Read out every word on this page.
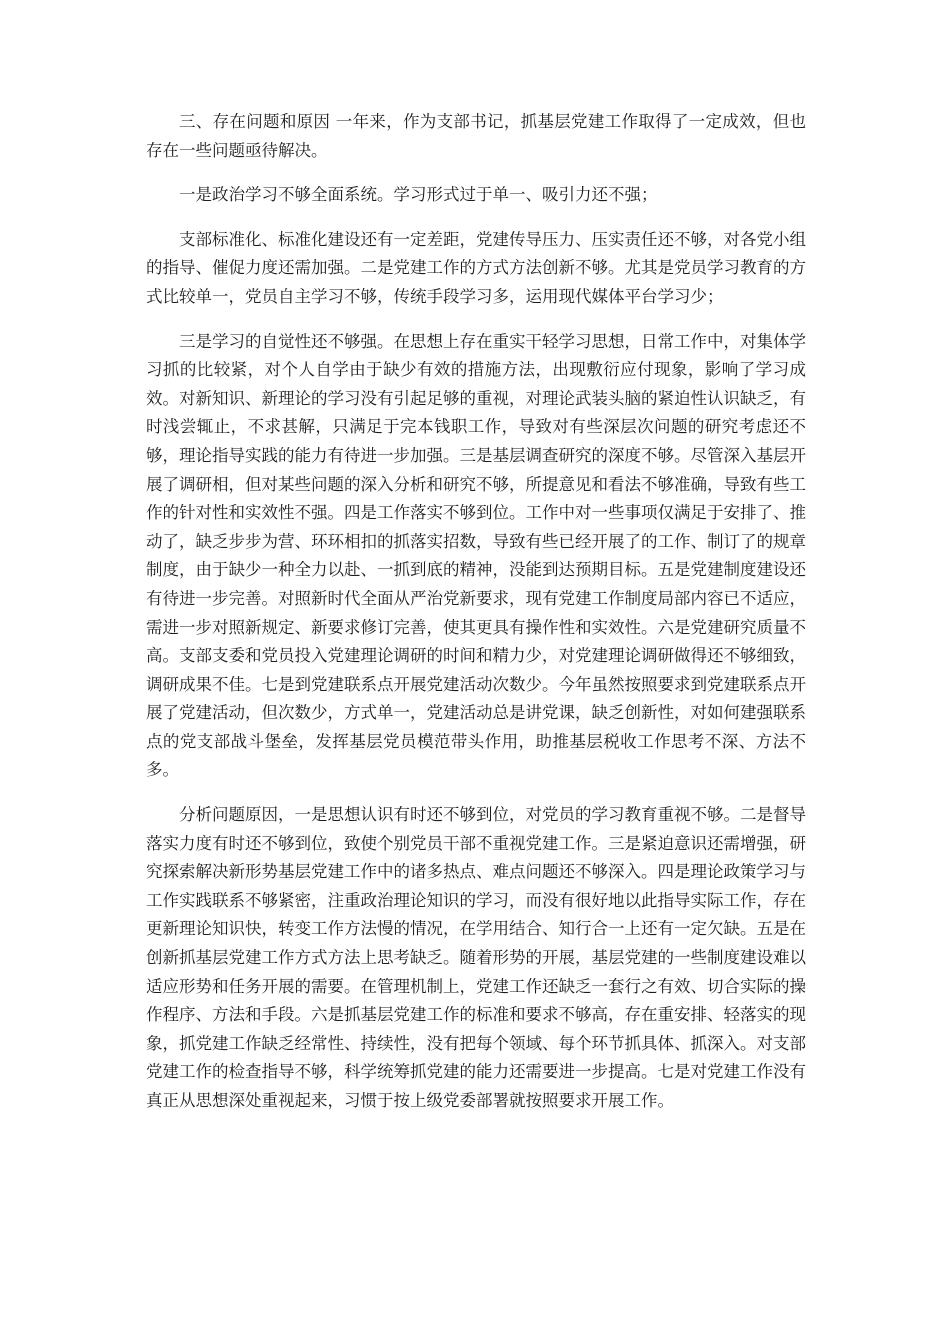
三、存在问题和原因 一年来，作为支部书记，抓基层党建工作取得了一定成效，但也存在一些问题亟待解决。

一是政治学习不够全面系统。学习形式过于单一、吸引力还不强；

支部标准化、标准化建设还有一定差距，党建传导压力、压实责任还不够，对各党小组的指导、催促力度还需加强。二是党建工作的方式方法创新不够。尤其是党员学习教育的方式比较单一，党员自主学习不够，传统手段学习多，运用现代媒体平台学习少；

三是学习的自觉性还不够强。在思想上存在重实干轻学习思想，日常工作中，对集体学习抓的比较紧，对个人自学由于缺少有效的措施方法，出现敷衍应付现象，影响了学习成效。对新知识、新理论的学习没有引起足够的重视，对理论武装头脑的紧迫性认识缺乏，有时浅尝辄止，不求甚解，只满足于完本钱职工作，导致对有些深层次问题的研究考虑还不够，理论指导实践的能力有待进一步加强。三是基层调查研究的深度不够。尽管深入基层开展了调研相，但对某些问题的深入分析和研究不够，所提意见和看法不够准确，导致有些工作的针对性和实效性不强。四是工作落实不够到位。工作中对一些事项仅满足于安排了、推动了，缺乏步步为营、环环相扣的抓落实招数，导致有些已经开展了的工作、制订了的规章制度，由于缺少一种全力以赴、一抓到底的精神，没能到达预期目标。五是党建制度建设还有待进一步完善。对照新时代全面从严治党新要求，现有党建工作制度局部内容已不适应，需进一步对照新规定、新要求修订完善，使其更具有操作性和实效性。六是党建研究质量不高。支部支委和党员投入党建理论调研的时间和精力少，对党建理论调研做得还不够细致，调研成果不佳。七是到党建联系点开展党建活动次数少。今年虽然按照要求到党建联系点开展了党建活动，但次数少，方式单一，党建活动总是讲党课，缺乏创新性，对如何建强联系点的党支部战斗堡垒，发挥基层党员模范带头作用，助推基层税收工作思考不深、方法不多。

分析问题原因，一是思想认识有时还不够到位，对党员的学习教育重视不够。二是督导落实力度有时还不够到位，致使个别党员干部不重视党建工作。三是紧迫意识还需增强，研究探索解决新形势基层党建工作中的诸多热点、难点问题还不够深入。四是理论政策学习与工作实践联系不够紧密，注重政治理论知识的学习，而没有很好地以此指导实际工作，存在更新理论知识快，转变工作方法慢的情况，在学用结合、知行合一上还有一定欠缺。五是在创新抓基层党建工作方式方法上思考缺乏。随着形势的开展，基层党建的一些制度建设难以适应形势和任务开展的需要。在管理机制上，党建工作还缺乏一套行之有效、切合实际的操作程序、方法和手段。六是抓基层党建工作的标准和要求不够高，存在重安排、轻落实的现象，抓党建工作缺乏经常性、持续性，没有把每个领域、每个环节抓具体、抓深入。对支部党建工作的检查指导不够，科学统筹抓党建的能力还需要进一步提高。七是对党建工作没有真正从思想深处重视起来，习惯于按上级党委部署就按照要求开展工作。
